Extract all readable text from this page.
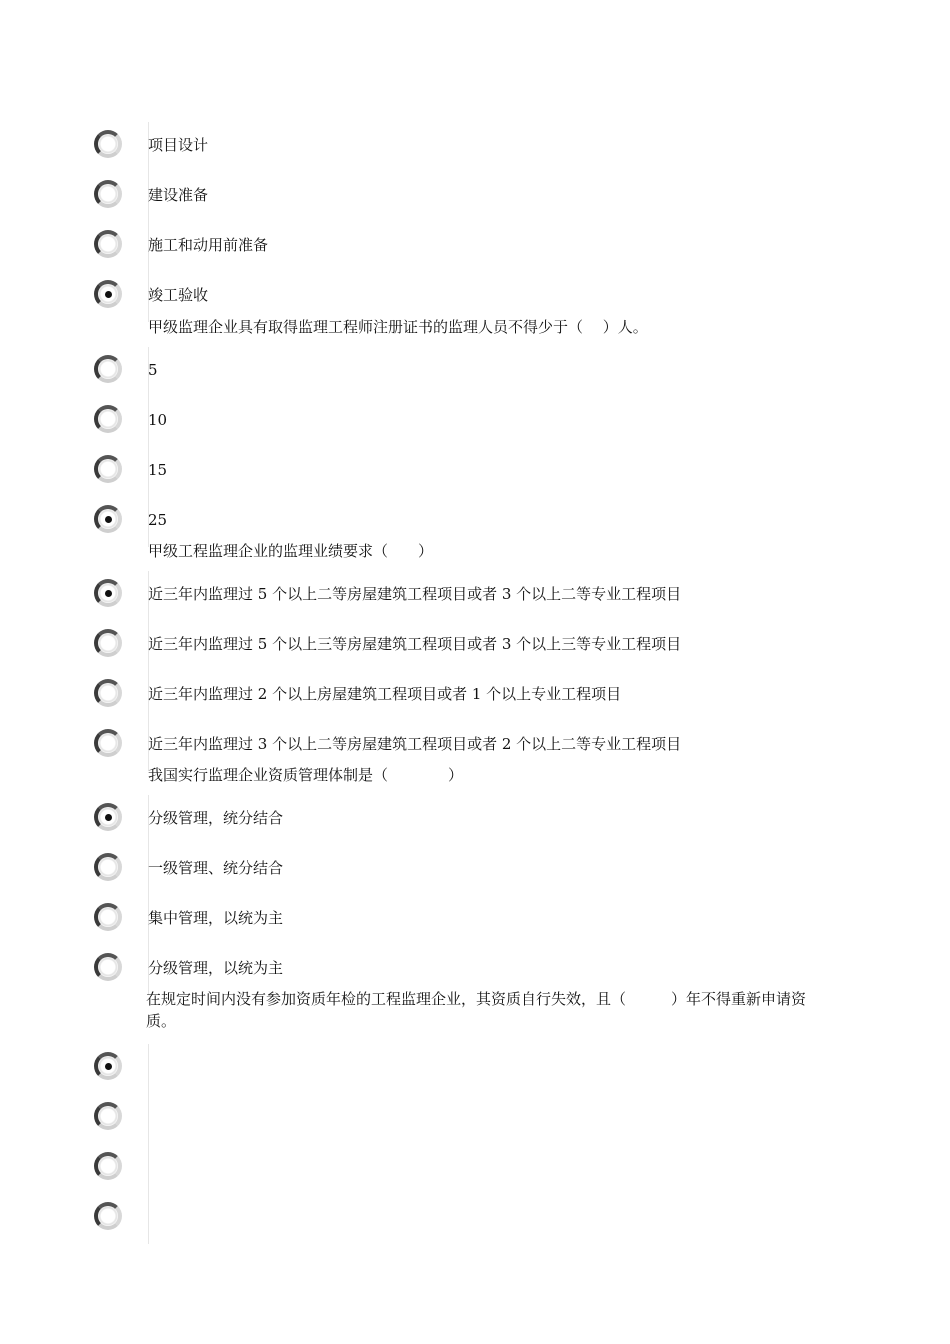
项目设计
建设准备
施工和动用前准备
竣工验收
甲级监理企业具有取得监理工程师注册证书的监理人员不得少于（　 ）人。
5
10
15
25
甲级工程监理企业的监理业绩要求（　　）
近三年内监理过 5 个以上二等房屋建筑工程项目或者 3 个以上二等专业工程项目
近三年内监理过 5 个以上三等房屋建筑工程项目或者 3 个以上三等专业工程项目
近三年内监理过 2 个以上房屋建筑工程项目或者 1 个以上专业工程项目
近三年内监理过 3 个以上二等房屋建筑工程项目或者 2 个以上二等专业工程项目
我国实行监理企业资质管理体制是（　　　　）
分级管理，统分结合
一级管理、统分结合
集中管理，以统为主
分级管理，以统为主
在规定时间内没有参加资质年检的工程监理企业，其资质自行失效，且（　　　）年不得重新申请资质。
